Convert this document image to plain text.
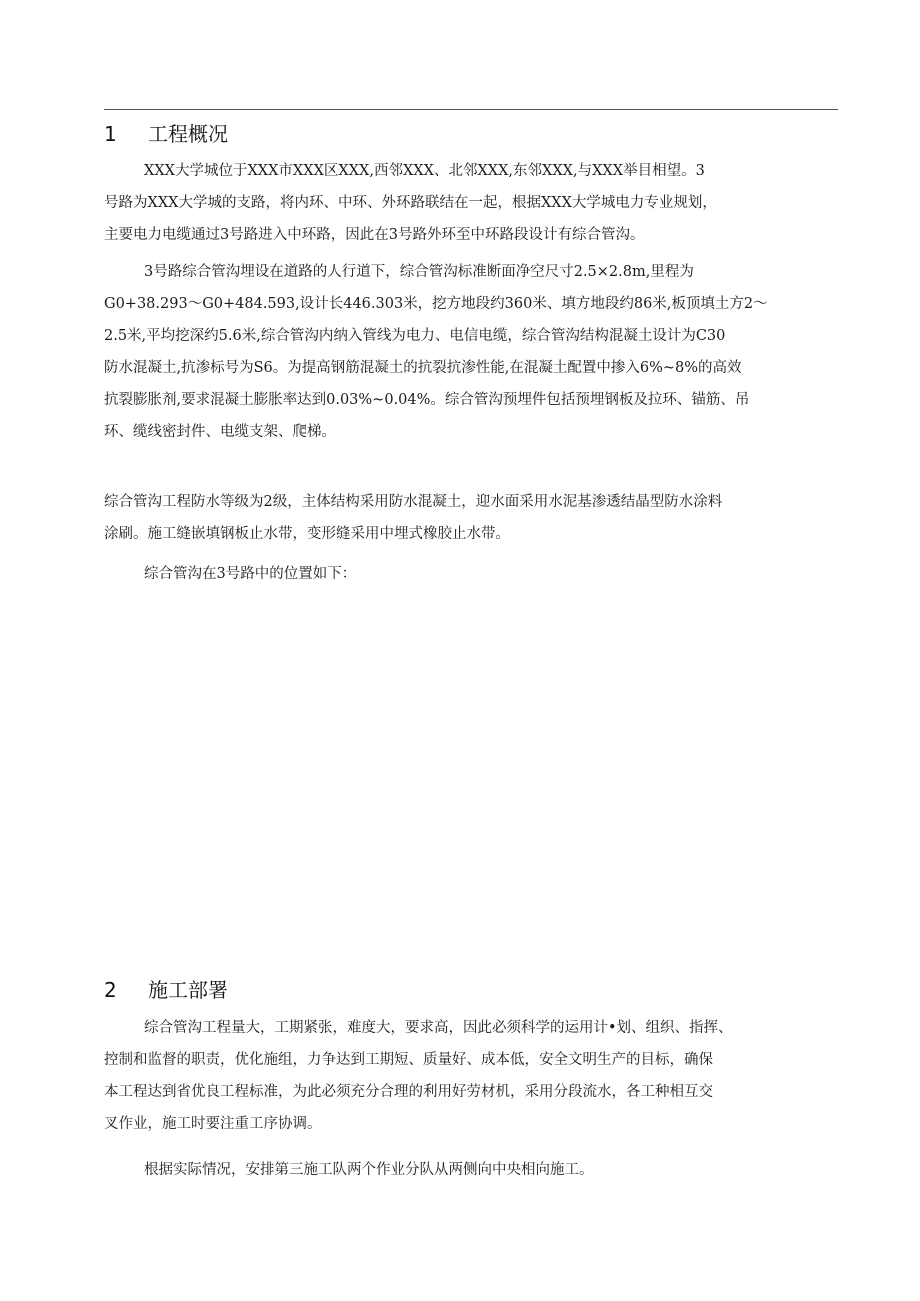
1 工程概况
XXX大学城位于XXX市XXX区XXX,西邻XXX、北邻XXX,东邻XXX,与XXX举目相望。3
号路为XXX大学城的支路，将内环、中环、外环路联结在一起，根据XXX大学城电力专业规划，
主要电力电缆通过3号路进入中环路，因此在3号路外环至中环路段设计有综合管沟。
3号路综合管沟埋设在道路的人行道下，综合管沟标准断面净空尺寸2.5×2.8m,里程为
G0+38.293～G0+484.593,设计长446.303米，挖方地段约360米、填方地段约86米,板顶填土方2～
2.5米,平均挖深约5.6米,综合管沟内纳入管线为电力、电信电缆，综合管沟结构混凝土设计为C30
防水混凝土,抗渗标号为S6。为提高钢筋混凝土的抗裂抗渗性能,在混凝土配置中掺入6%~8%的高效
抗裂膨胀剂,要求混凝土膨胀率达到0.03%~0.04%。综合管沟预埋件包括预埋钢板及拉环、锚筋、吊
环、缆线密封件、电缆支架、爬梯。
综合管沟工程防水等级为2级，主体结构采用防水混凝土，迎水面采用水泥基渗透结晶型防水涂料
涂刷。施工缝嵌填钢板止水带，变形缝采用中埋式橡胶止水带。
综合管沟在3号路中的位置如下：
2 施工部署
综合管沟工程量大，工期紧张，难度大，要求高，因此必须科学的运用计•划、组织、指挥、
控制和监督的职责，优化施组，力争达到工期短、质量好、成本低，安全文明生产的目标，确保
本工程达到省优良工程标准，为此必须充分合理的利用好劳材机，采用分段流水，各工种相互交
叉作业，施工时要注重工序协调。
根据实际情况，安排第三施工队两个作业分队从两侧向中央相向施工。
